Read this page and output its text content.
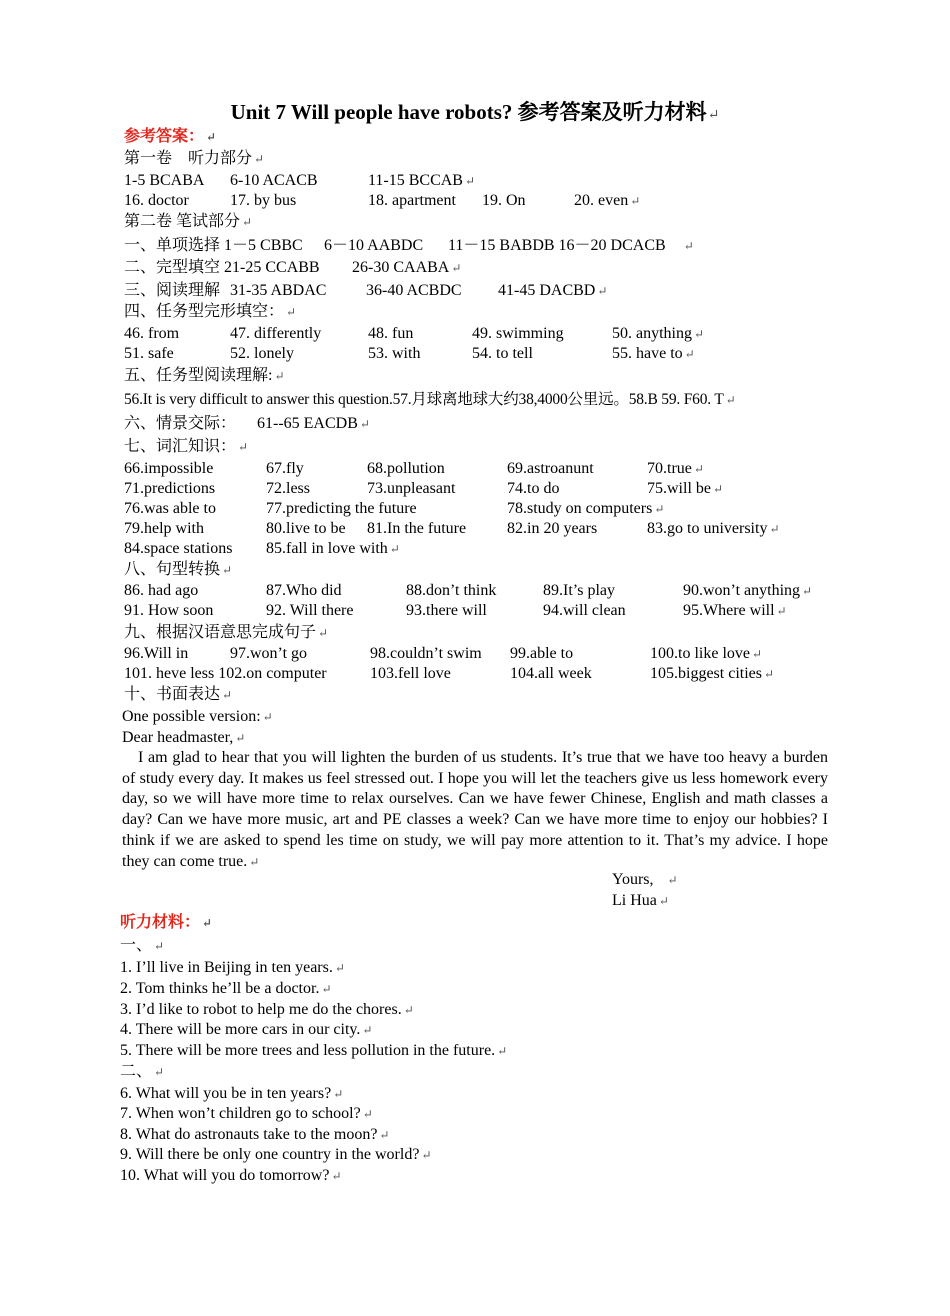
Unit 7 Will people have robots? 参考答案及听力材料↵
参考答案： ↵
第一卷　听力部分 ↵
1-5 BCABA 6-10 ACACB	11-15 BCCAB ↵
16. doctor	17. by bus	18. apartment 19. On	20. even ↵
第二卷 笔试部分 ↵
一、单项选择 1－5 CBBC 6－10 AABDC 11－15 BABDB 16－20 DCACB ↵
二、完型填空 21-25 CCABB 26-30 CAABA ↵
三、阅读理解 31-35 ABDAC 36-40 ACBDC 41-45 DACBD ↵
四、任务型完形填空： ↵
46. from	47. differently	48. fun	49. swimming	50. anything ↵
51. safe	52. lonely	53. with	54. to tell	55. have to ↵
五、任务型阅读理解: ↵
56.It is very difficult to answer this question.57.月球离地球大约38,4000公里远。58.B 59. F60. T ↵
六、情景交际： 61--65 EACDB ↵
七、词汇知识： ↵
66.impossible	67.fly	68.pollution	69.astroanunt	70.true ↵
71.predictions	72.less	73.unpleasant	74.to do	75.will be ↵
76.was able to	77.predicting the future	78.study on computers ↵
79.help with	80.live to be 81.In the future	82.in 20 years	83.go to university ↵
84.space stations 85.fall in love with ↵
八、句型转换 ↵
86. had ago	87.Who did	88.don’t think	89.It’s play	90.won’t anything ↵
91. How soon	92. Will there	93.there will	94.will clean	95.Where will ↵
九、根据汉语意思完成句子 ↵
96.Will in	97.won’t go	98.couldn’t swim 99.able to	100.to like love ↵
101. heve less 102.on computer	103.fell love	104.all week	105.biggest cities ↵
十、书面表达 ↵
One possible version: ↵
Dear headmaster, ↵

I am glad to hear that you will lighten the burden of us students. It’s true that we have too heavy a burden of study every day. It makes us feel stressed out. I hope you will let the teachers give us less homework every day, so we will have more time to relax ourselves. Can we have fewer Chinese, English and math classes a day? Can we have more music, art and PE classes a week? Can we have more time to enjoy our hobbies? I think if we are asked to spend les time on study, we will pay more attention to it. That’s my advice. I hope they can come true. ↵

Yours, ↵
Li Hua ↵
听力材料： ↵
一、 ↵
1. I’ll live in Beijing in ten years. ↵
2. Tom thinks he’ll be a doctor. ↵
3. I’d like to robot to help me do the chores. ↵
4. There will be more cars in our city. ↵
5. There will be more trees and less pollution in the future. ↵
二、 ↵
6. What will you be in ten years? ↵
7. When won’t children go to school? ↵
8. What do astronauts take to the moon? ↵
9. Will there be only one country in the world? ↵
10. What will you do tomorrow? ↵
